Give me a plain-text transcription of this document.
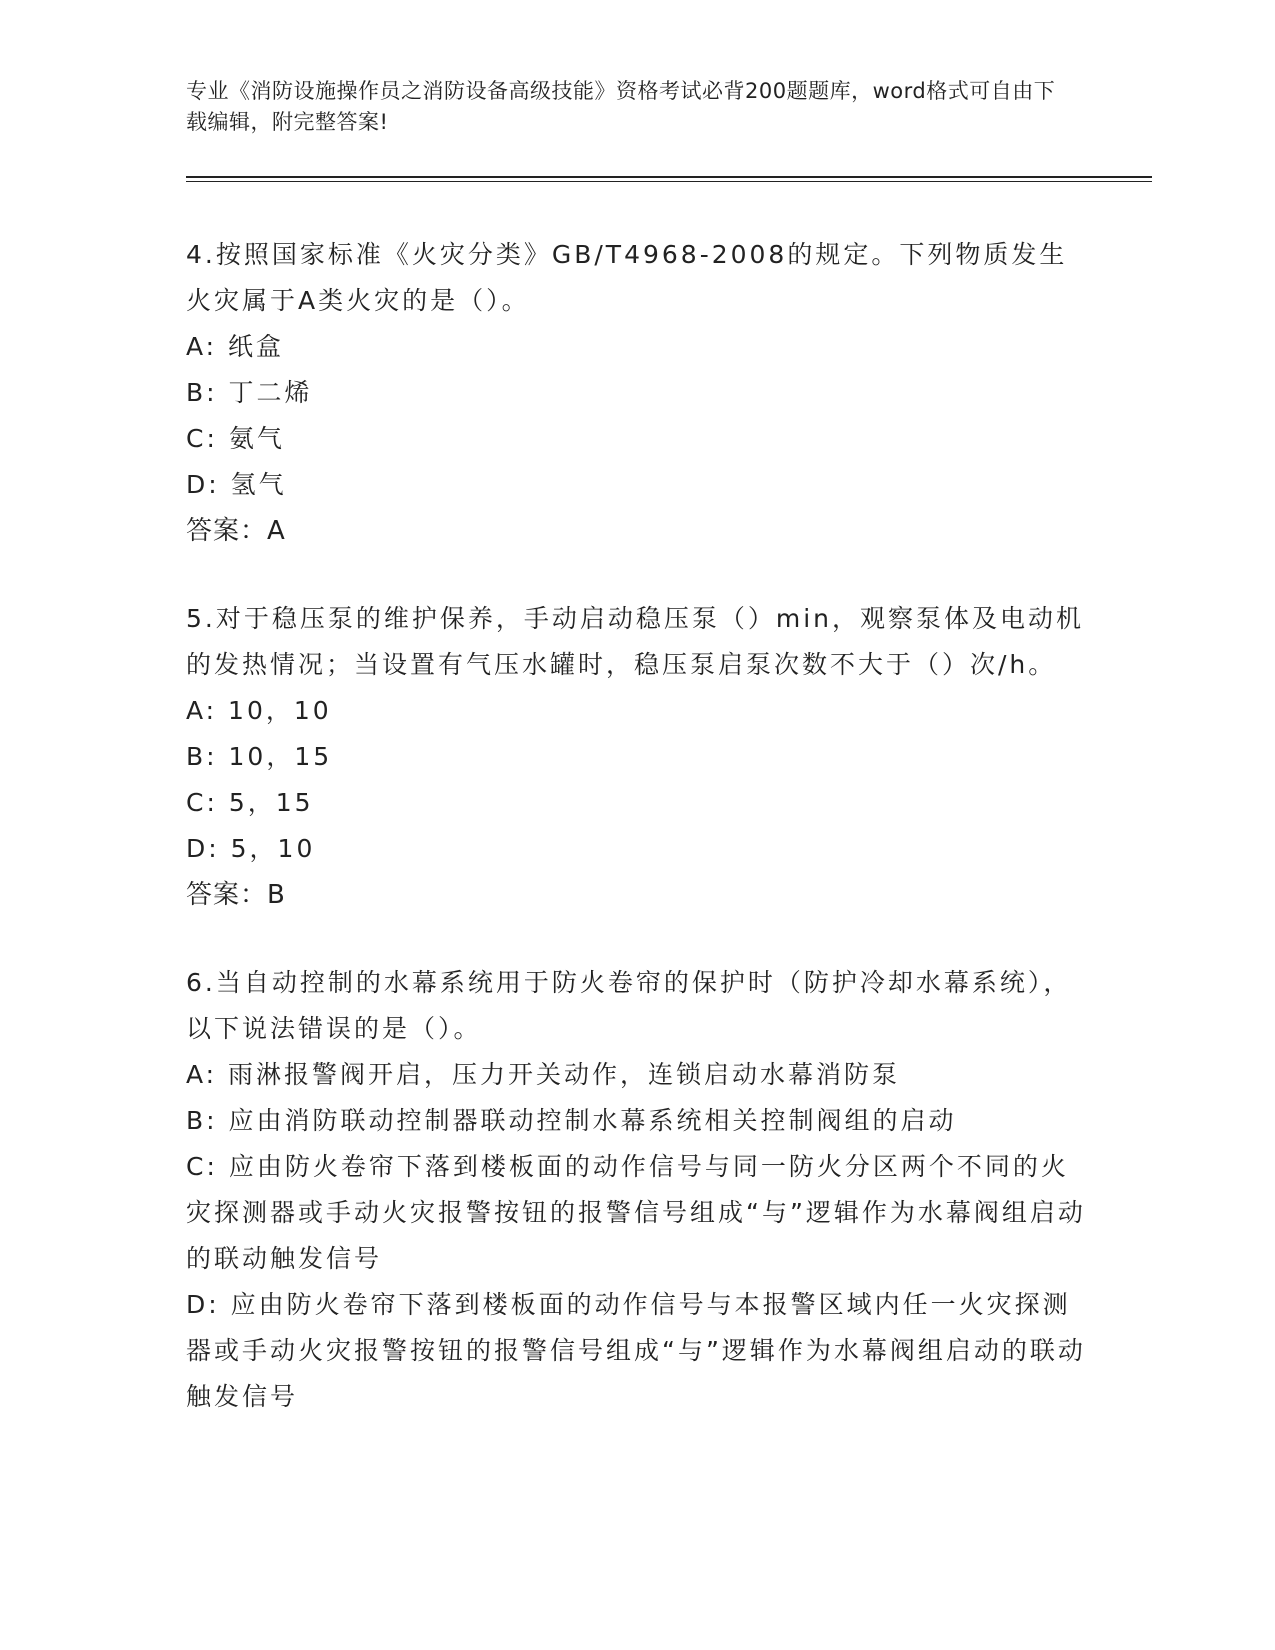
专业《消防设施操作员之消防设备高级技能》资格考试必背200题题库，word格式可自由下载编辑，附完整答案!

4.按照国家标准《火灾分类》GB/T4968-2008的规定。下列物质发生火灾属于A类火灾的是（）。

A: 纸盒

B: 丁二烯

C: 氨气

D: 氢气

答案：A

5.对于稳压泵的维护保养，手动启动稳压泵（）min，观察泵体及电动机的发热情况；当设置有气压水罐时，稳压泵启泵次数不大于（）次/h。

A: 10，10

B: 10，15

C: 5，15

D: 5，10

答案：B

6.当自动控制的水幕系统用于防火卷帘的保护时（防护冷却水幕系统），以下说法错误的是（）。

A: 雨淋报警阀开启，压力开关动作，连锁启动水幕消防泵

B: 应由消防联动控制器联动控制水幕系统相关控制阀组的启动

C: 应由防火卷帘下落到楼板面的动作信号与同一防火分区两个不同的火灾探测器或手动火灾报警按钮的报警信号组成“与”逻辑作为水幕阀组启动的联动触发信号

D: 应由防火卷帘下落到楼板面的动作信号与本报警区域内任一火灾探测器或手动火灾报警按钮的报警信号组成“与”逻辑作为水幕阀组启动的联动触发信号
